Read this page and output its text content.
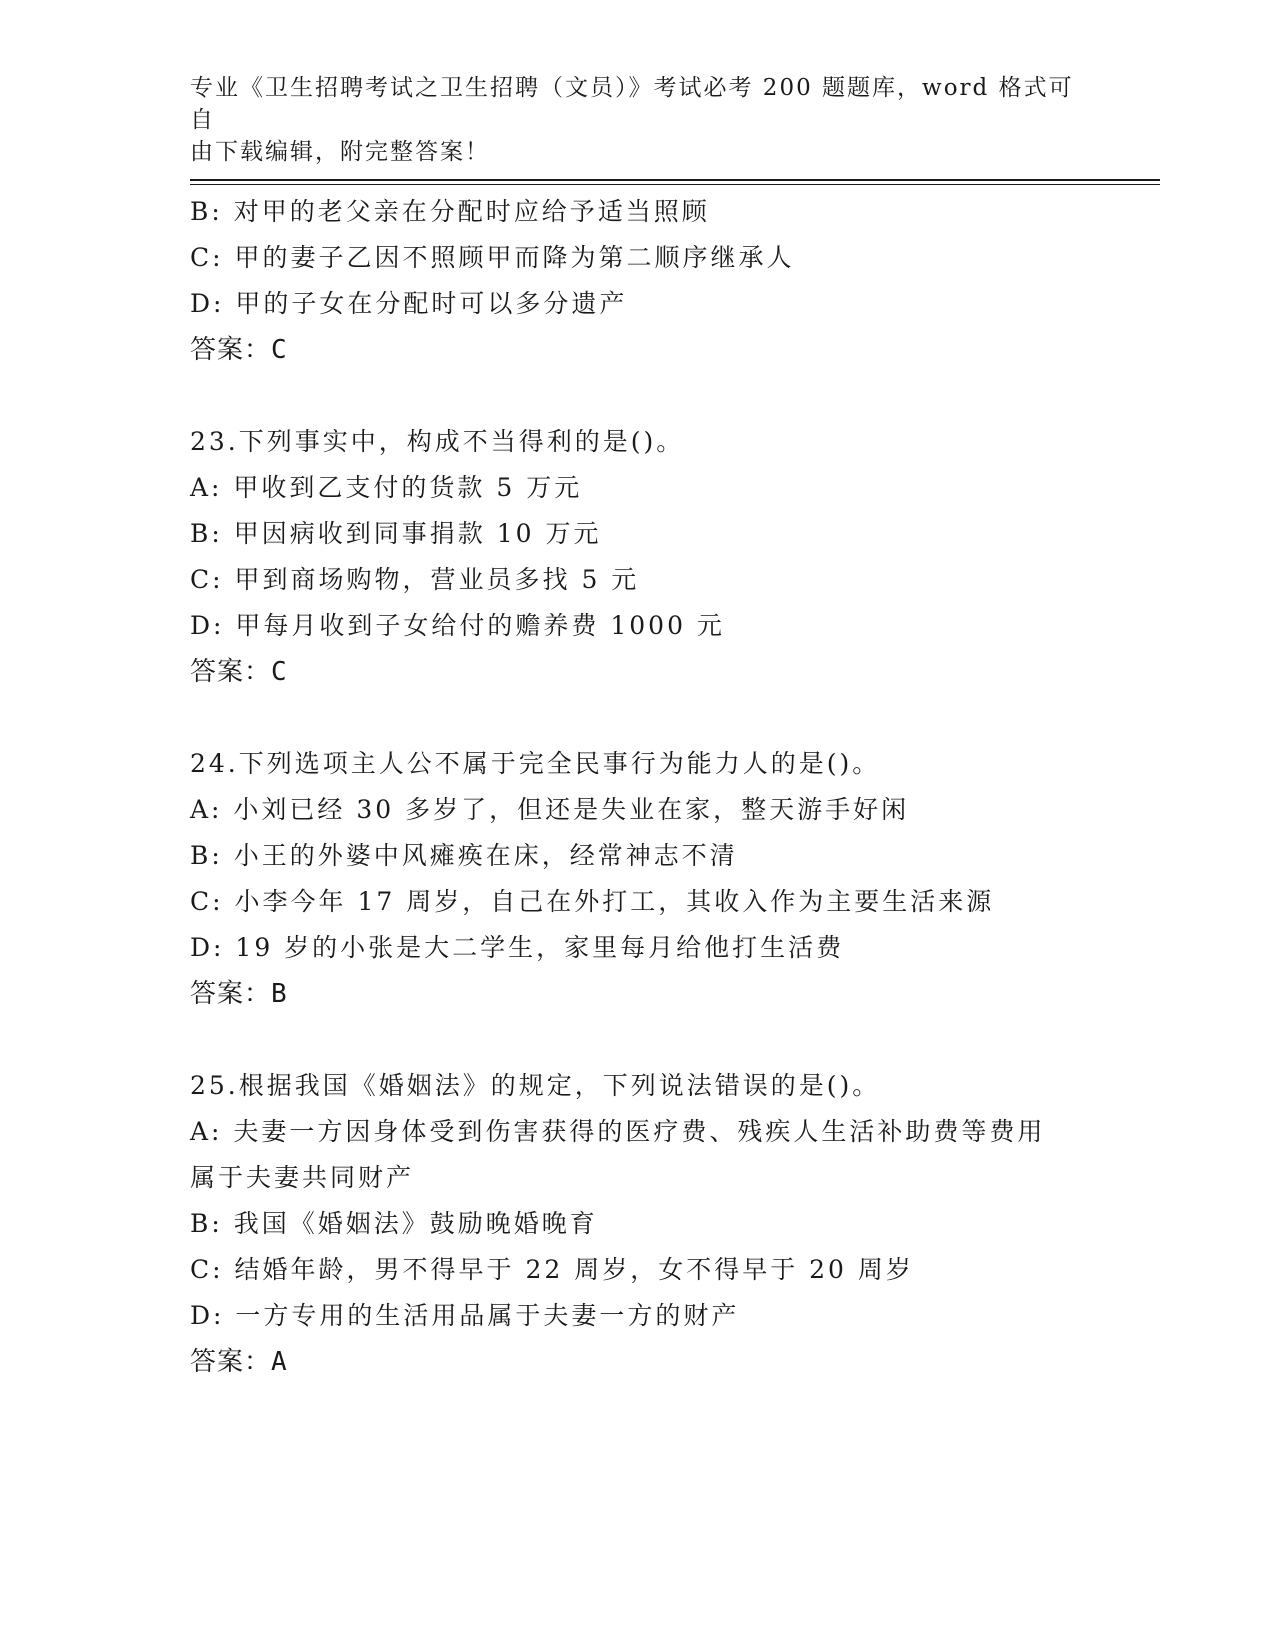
专业《卫生招聘考试之卫生招聘（文员）》考试必考 200 题题库，word 格式可自
由下载编辑，附完整答案！
B: 对甲的老父亲在分配时应给予适当照顾
C: 甲的妻子乙因不照顾甲而降为第二顺序继承人
D: 甲的子女在分配时可以多分遗产
答案：C
23.下列事实中，构成不当得利的是()。
A: 甲收到乙支付的货款 5 万元
B: 甲因病收到同事捐款 10 万元
C: 甲到商场购物，营业员多找 5 元
D: 甲每月收到子女给付的赡养费 1000 元
答案：C
24.下列选项主人公不属于完全民事行为能力人的是()。
A: 小刘已经 30 多岁了，但还是失业在家，整天游手好闲
B: 小王的外婆中风瘫痪在床，经常神志不清
C: 小李今年 17 周岁，自己在外打工，其收入作为主要生活来源
D: 19 岁的小张是大二学生，家里每月给他打生活费
答案：B
25.根据我国《婚姻法》的规定，下列说法错误的是()。
A: 夫妻一方因身体受到伤害获得的医疗费、残疾人生活补助费等费用
属于夫妻共同财产
B: 我国《婚姻法》鼓励晚婚晚育
C: 结婚年龄，男不得早于 22 周岁，女不得早于 20 周岁
D: 一方专用的生活用品属于夫妻一方的财产
答案：A
